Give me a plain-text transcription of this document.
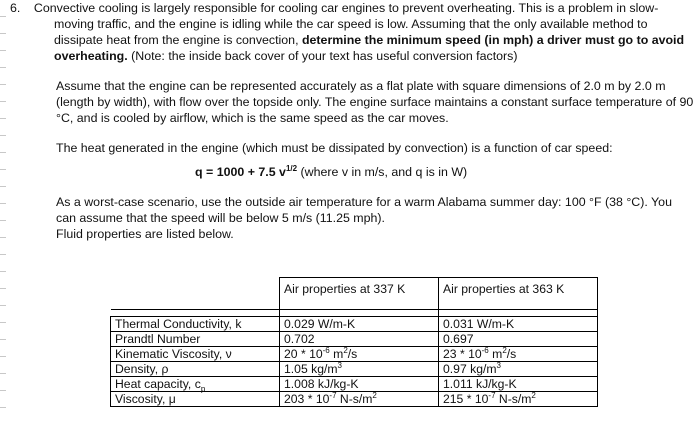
6. Convective cooling is largely responsible for cooling car engines to prevent overheating. This is a problem in slow-moving traffic, and the engine is idling while the car speed is low. Assuming that the only available method to dissipate heat from the engine is convection, determine the minimum speed (in mph) a driver must go to avoid overheating. (Note: the inside back cover of your text has useful conversion factors)

Assume that the engine can be represented accurately as a flat plate with square dimensions of 2.0 m by 2.0 m (length by width), with flow over the topside only. The engine surface maintains a constant surface temperature of 90 °C, and is cooled by airflow, which is the same speed as the car moves.

The heat generated in the engine (which must be dissipated by convection) is a function of car speed:

q = 1000 + 7.5 $v^{1/2}$ (where v in m/s, and q is in W)

As a worst-case scenario, use the outside air temperature for a warm Alabama summer day: 100 °F (38 °C). You can assume that the speed will be below 5 m/s (11.25 mph).

Fluid properties are listed below.

	Air properties at 337 K	Air properties at 363 K

Thermal Conductivity, k	0.029 W/m-K	0.031 W/m-K
Prandtl Number	0.702	0.697
Kinematic Viscosity, ν	$20 * 10^{-6}$ $m^2/s$	$23 * 10^{-6}$ $m^2/s$
Density, ρ	1.05 $kg/m^3$	0.97 $kg/m^3$
Heat capacity, $c_p$	1.008 kJ/kg-K	1.011 kJ/kg-K
Viscosity, μ	$203 * 10^{-7}$ $N-s/m^2$	$215 * 10^{-7}$ $N-s/m^2$
